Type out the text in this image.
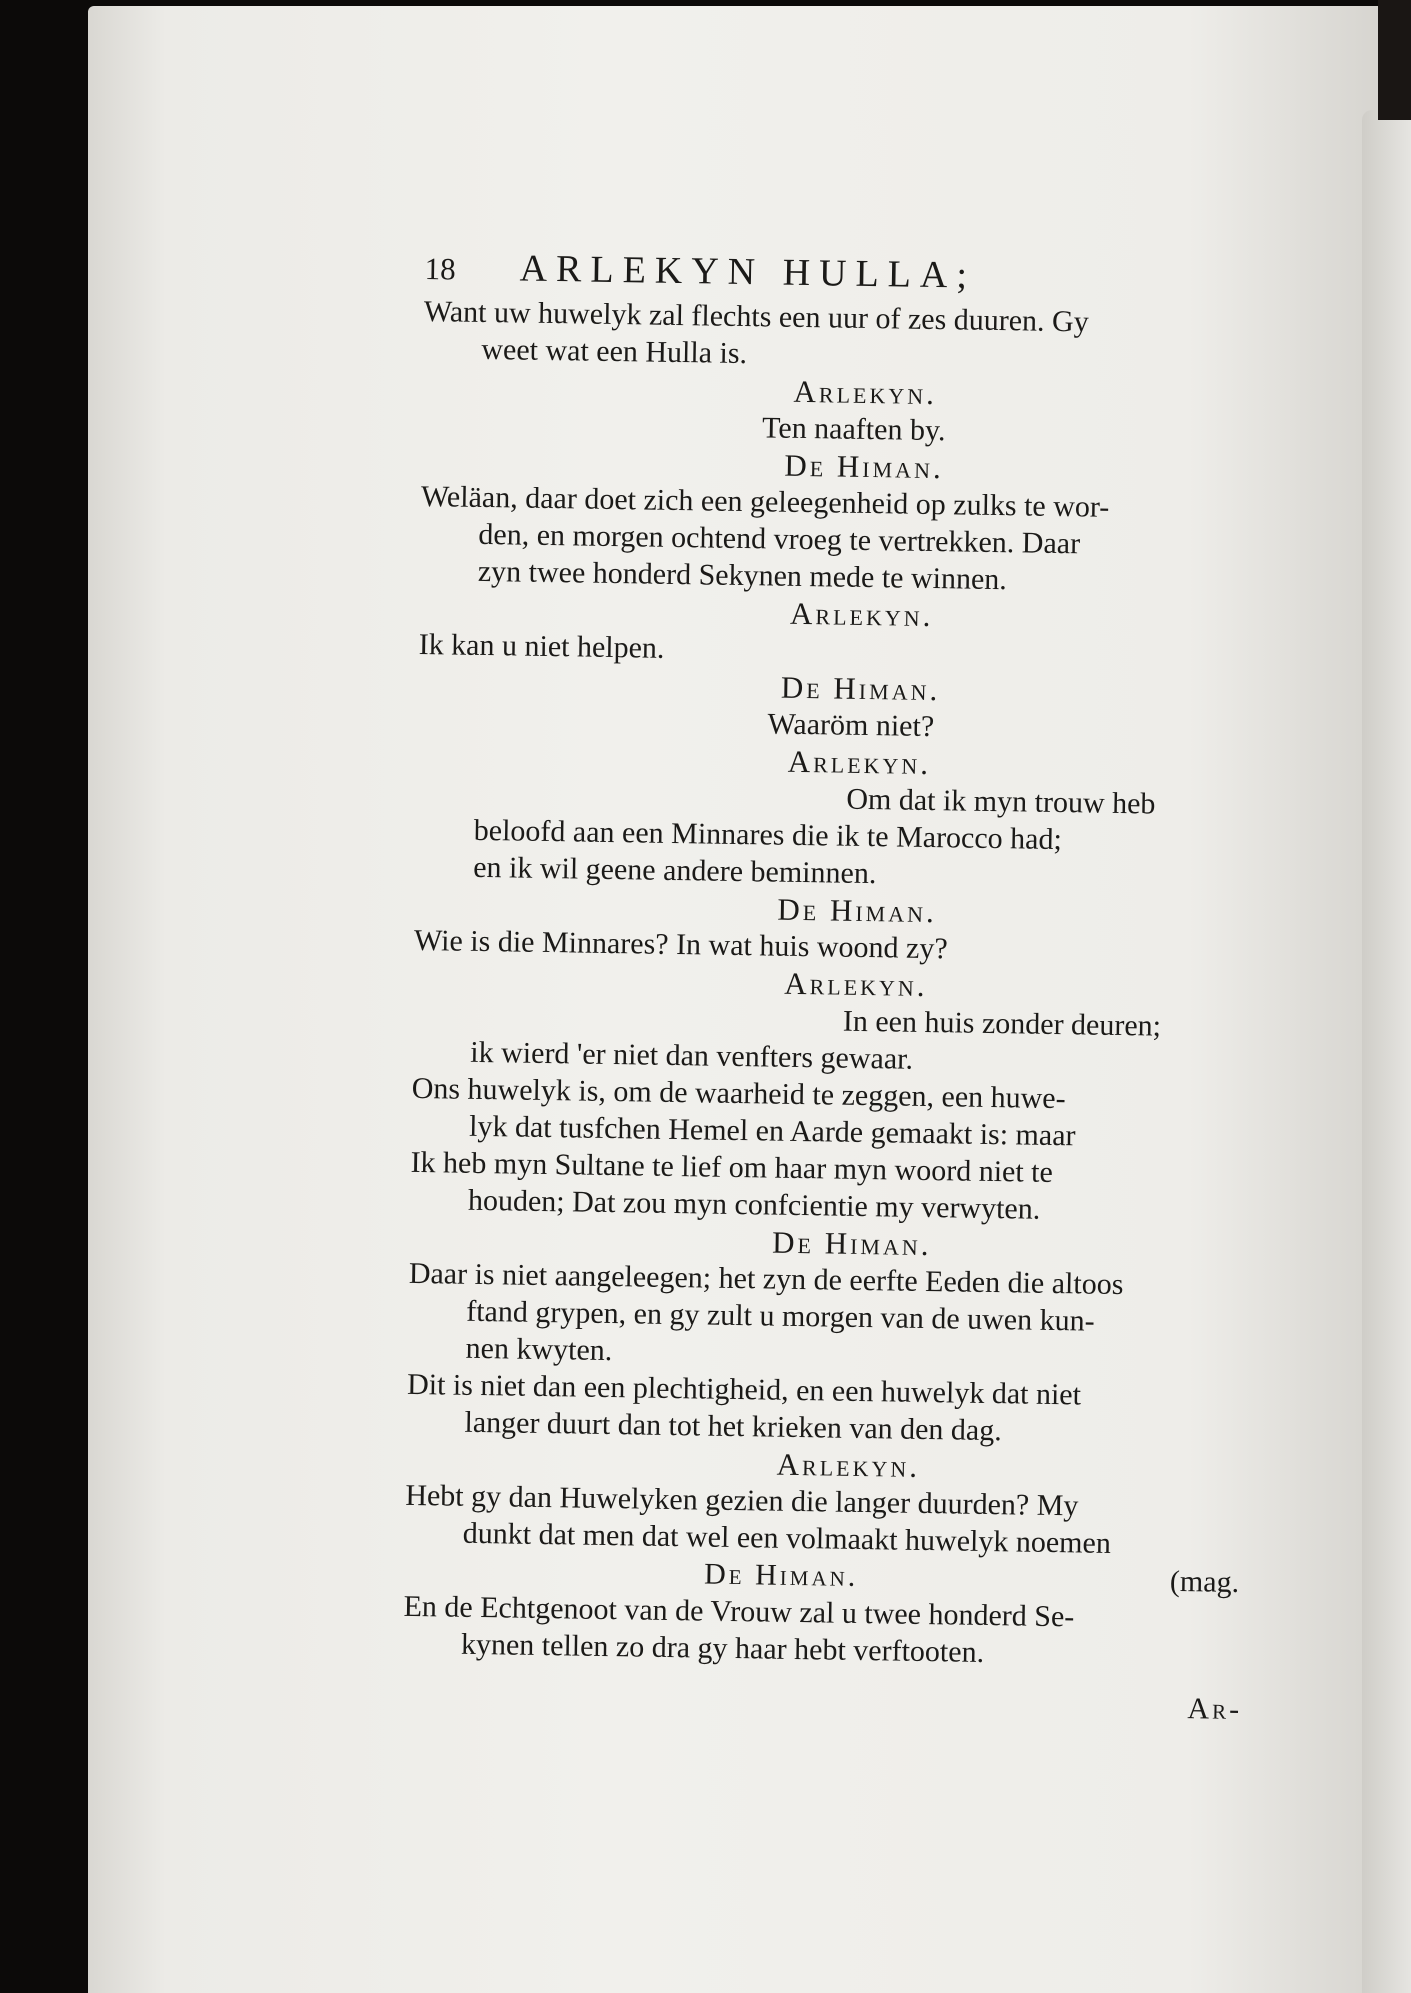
18	ARLEKYN HULLA;
Want uw huwelyk zal flechts een uur of zes duuren. Gy
weet wat een Hulla is.
Arlekyn.
Ten naaften by.
De Himan.
Weläan, daar doet zich een geleegenheid op zulks te wor-
den, en morgen ochtend vroeg te vertrekken. Daar
zyn twee honderd Sekynen mede te winnen.
Arlekyn.
Ik kan u niet helpen.
De Himan.
Waaröm niet?
Arlekyn.
Om dat ik myn trouw heb
beloofd aan een Minnares die ik te Marocco had;
en ik wil geene andere beminnen.
De Himan.
Wie is die Minnares? In wat huis woond zy?
Arlekyn.
In een huis zonder deuren;
ik wierd 'er niet dan venfters gewaar.
Ons huwelyk is, om de waarheid te zeggen, een huwe-
lyk dat tusfchen Hemel en Aarde gemaakt is: maar
Ik heb myn Sultane te lief om haar myn woord niet te
houden; Dat zou myn confcientie my verwyten.
De Himan.
Daar is niet aangeleegen; het zyn de eerfte Eeden die altoos
ftand grypen, en gy zult u morgen van de uwen kun-
nen kwyten.
Dit is niet dan een plechtigheid, en een huwelyk dat niet
langer duurt dan tot het krieken van den dag.
Arlekyn.
Hebt gy dan Huwelyken gezien die langer duurden? My
dunkt dat men dat wel een volmaakt huwelyk noemen
De Himan.	(mag.
En de Echtgenoot van de Vrouw zal u twee honderd Se-
kynen tellen zo dra gy haar hebt verftooten.
Ar-
